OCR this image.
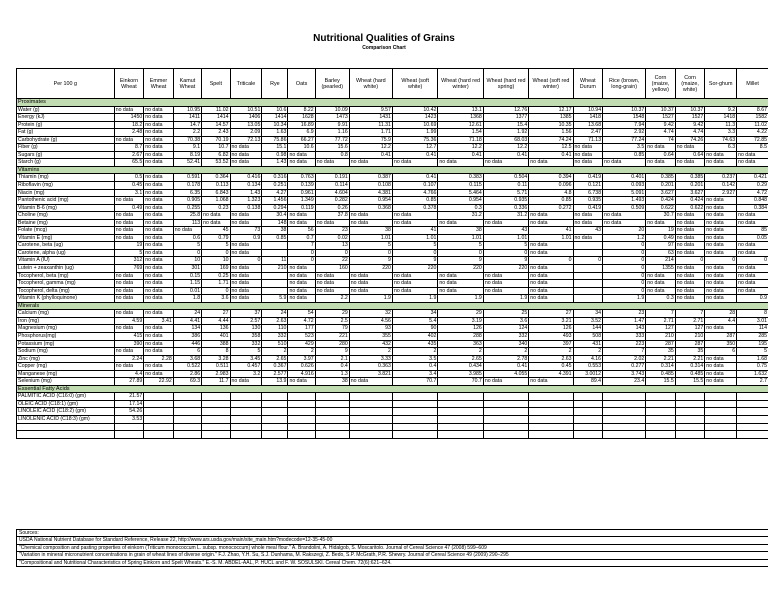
Nutritional Qualities of Grains
Comparison Chart
Per 100 g	Einkorn Wheat	Emmer Wheat	Kamut Wheat	Spelt	Triticale	Rye	Oats	Barley (pearled)	Wheat (hard white)	Wheat (soft white)	Wheat (hard red winter)	Wheat (hard red spring)	Wheat (soft red winter)	Wheat Durum	Rice (brown, long-grain)	Corn (maize, yellow)	Corn (maize, white)	Sor-ghum	Millet
Proximates																			
Water (g)	no data	no data	10.95	11.02	10.51	10.6	8.22	10.09	9.57	10.42	13.1	12.76	12.17	10.94	10.37	10.37	10.37	9.2	8.67
Energy (kJ)	1450	no data	1411	1414	1406	1414	1628	1473	1431	1423	1368	1377	1385	1418	1548	1527	1527	1418	1582
Protein (g)	18.2	no data	14.7	14.57	13.05	10.34	16.89	9.91	11.31	10.69	12.61	15.4	10.35	13.68	7.94	9.42	9.42	11.3	11.02
Fat (g)	2.48	no data	2.2	2.43	2.09	1.63	6.9	1.16	1.71	1.99	1.54	1.92	1.56	2.47	2.92	4.74	4.74	3.3	4.22
Carbohydrate (g)	no data	no data	70.38	70.19	72.13	75.86	66.27	77.72	75.9	75.36	71.18	68.03	74.24	71.13	77.24	74	74.26	74.63	72.85
Fiber (g)	8.7	no data	9.1	10.7	no data	15.1	10.6	15.6	12.2	12.7	12.2	12.2	12.5	no data	3.5	no data	no data	6.3	8.5
Sugars (g)	2.67	no data	8.19	6.82	no data	0.98	no data	0.8	0.41	0.41	0.41	0.41	0.41	no data	0.85	0.64	0.64	no data	no data
Starch (g)	65.5	no data	52.41	53.52	no data	1.43	no data	no data	no data	no data	no data	no data	no data	no data	no data	no data	no data	no data	no data
Vitamins																			
Thiamin (mg)	0.5	no data	0.591	0.364	0.416	0.316	0.763	0.191	0.387	0.41	0.383	0.504	0.394	0.419	0.401	0.385	0.385	0.237	0.421
Riboflavin (mg)	0.45	no data	0.178	0.113	0.134	0.251	0.139	0.114	0.108	0.107	0.115	0.11	0.096	0.121	0.093	0.201	0.201	0.142	0.29
Niacin (mg)	3.1	no data	6.35	6.843	1.43	4.27	0.961	4.604	4.381	4.766	5.464	5.71	4.8	6.738	5.091	3.627	3.627	2.927	4.72
Pantothenic acid (mg)	no data	no data	0.905	1.068	1.323	1.456	1.349	0.282	0.954	0.85	0.954	0.935	0.85	0.935	1.493	0.424	0.424	no data	0.848
Vitamin B-6 (mg)	0.49	no data	0.255	0.23	0.138	0.294	0.119	0.26	0.368	0.378	0.3	0.336	0.272	0.419	0.509	0.622	0.622	no data	0.384
Choline (mg)	no data	no data	25.8	no data	no data	30.4	no data	37.8	no data	no data	31.2	31.2	no data	no data	no data	30.7	no data	no data	no data
Betaine (mg)	no data	no data	113	no data	no data	148	no data	no data	no data	no data	no data	no data	no data	no data	no data	no data	no data	no data	no data
Folate (mcg)	no data	no data	no data	45	73	38	56	23	38	41	38	43	41	43	20	19	no data	no data	85
Vitamin E (mg)	no data	no data	0.6	0.79	0.9	0.85	0.7	0.02	1.01	1.01	1.01	1.01	1.01	no data	1.2	0.49	no data	no data	0.05
Carotene, beta (ug)	19	no data	5	5	no data		7	13	5	5	5	5	no data		0	97	no data	no data	no data
Carotene, alpha (ug)	5	no data	0	0	no data		0	0	0	0	0	0	no data		0	63	no data	no data	no data
Vitamin A (IU)	312	no data	10	10	0	11	0	22	9	9	9	9	0	0	0	214	0	0	0
Lutein + zeaxanthin (ug)	769	no data	301	169	no data	210	no data	160	220	220	220	220	no data		0	1355	no data	no data	no data
Tocopherol, beta (mg)	no data	no data	0.15	0.25	no data		no data	no data	no data	no data	no data	no data	no data		0	no data	no data	no data	no data
Tocopherol, gamma (mg)	no data	no data	1.15	1.71	no data		no data	no data	no data	no data	no data	no data	no data		0	no data	no data	no data	no data
Tocopherol, delta (mg)	no data	no data	0.01	0	no data		no data	no data	no data	no data	no data	no data	no data		0	no data	no data	no data	no data
Vitamin K (phylloquinone)	no data	no data	1.8	3.6	no data	5.9	no data	2.2	1.9	1.9	1.9	1.9	no data		1.9	0.3	no data	no data	0.9
Minerals																			
Calcium (mg)	no data	no data	24	27	37	24	54	29	32	34	29	25	27	34	23	7	7	28	8
Iron (mg)	4.59	3.41	4.41	4.44	2.57	2.63	4.72	2.5	4.56	5.4	3.19	3.6	3.21	3.52	1.47	2.71	2.71	4.4	3.01
Magnesium (mg)	no data	no data	134	136	130	110	177	79	93	90	126	124	126	144	143	127	127	no data	114
Phosphorus(mg)	415	no data	386	401	358	332	523	221	355	402	288	332	493	508	333	210	210	287	285
Potassium (mg)	390	no data	446	388	332	510	429	280	432	435	363	340	397	431	223	287	287	350	195
Sodium (mg)	no data	no data	6	8	5	2	2	9	2	2	2	2	2	2	7	35	35	6	5
Zinc (mg)	2.24	2.28	3.68	3.28	3.45	2.65	3.97	2.1	3.33	3.5	2.65	2.78	2.63	4.16	2.02	2.21	2.21	no data	1.68
Copper (mg)	no data	no data	0.522	0.511	0.457	0.367	0.626	0.4	0.363	0.4	0.434	0.41	0.45	0.553	0.277	0.314	0.314	no data	0.75
Manganese (mg)	4.4	no data	2.86	2.983	3.2	2.577	4.916	1.3	3.821	3.4	3.985	4.055	4.391	3.0012	3.743	0.485	0.485	no data	1.632
Selenium (mg)	27.89	22.92	69.3	11.7	no data	13.9	no data	38	no data	70.7	70.7	no data	no data	89.4	23.4	15.5	15.5	no data	2.7
Essential Fatty Acids																			
PALMITIC ACID (C16:0) (gm)	21.57																		
OLEIC ACID (C18:1) (gm)	17.14																		
LINOLEIC ACID (C18:2) (gm)	54.26																		
LINOLENIC ACID (C18:3) (gm)	3.53																		

Sources:
USDA National Nutrient Database for Standard Reference, Release 22, http://www.ars.usda.gov/main/site_main.htm?modecode=12-35-45-00
"Chemical composition and pasting properties of einkorn (Triticum monococcum L. subsp. monococcum) whole meal flour." A. Brandolini, A. Hidalgob, S. Moscaritolo. Journal of Cereal Science 47 (2008) 599–609
"Variation in mineral micronutrient concentrations in grain of wheat lines of diverse origin." F.J. Zhao, Y.H. Su, S.J. Dunhama, M. Rakszegi, Z. Bedo, S.P. McGrath, P.R. Shewry. Journal of Cereal Science 49 (2009) 290–295
"Compositional and Nutritional Characteristics of Spring Einkorn and Spelt Wheats." E.-S. M. ABDEL-AAL, P. HUCL and F. W. SOSULSKI. Cereal Chem. 72(6):621–624.
